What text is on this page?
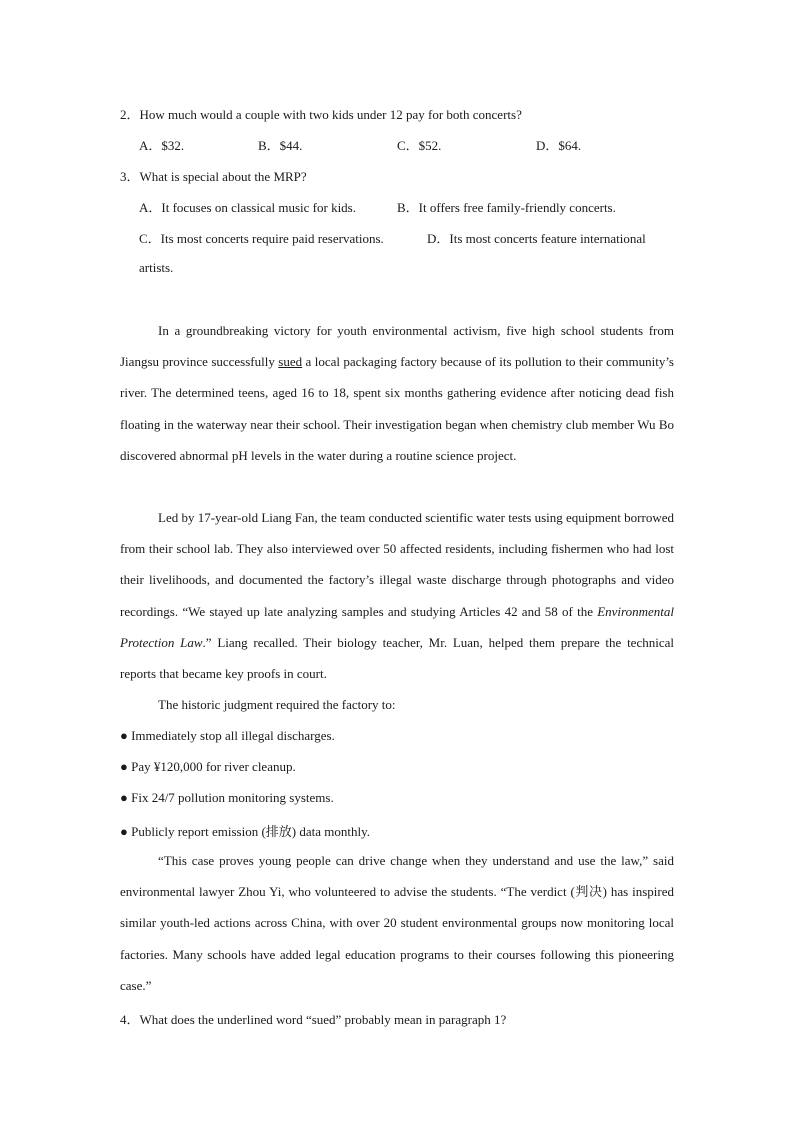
2．How much would a couple with two kids under 12 pay for both concerts?
A．$32.	B．$44.	C．$52.	D．$64.
3．What is special about the MRP?
A．It focuses on classical music for kids.	B．It offers free family-friendly concerts.
C．Its most concerts require paid reservations.	D．Its most concerts feature international
artists.

In a groundbreaking victory for youth environmental activism, five high school students from Jiangsu province successfully sued a local packaging factory because of its pollution to their community’s river. The determined teens, aged 16 to 18, spent six months gathering evidence after noticing dead fish floating in the waterway near their school. Their investigation began when chemistry club member Wu Bo discovered abnormal pH levels in the water during a routine science project.

Led by 17-year-old Liang Fan, the team conducted scientific water tests using equipment borrowed from their school lab. They also interviewed over 50 affected residents, including fishermen who had lost their livelihoods, and documented the factory’s illegal waste discharge through photographs and video recordings. “We stayed up late analyzing samples and studying Articles 42 and 58 of the Environmental Protection Law.” Liang recalled. Their biology teacher, Mr. Luan, helped them prepare the technical reports that became key proofs in court.

The historic judgment required the factory to:

● Immediately stop all illegal discharges.
● Pay ¥120,000 for river cleanup.
● Fix 24/7 pollution monitoring systems.
● Publicly report emission (排放) data monthly.

“This case proves young people can drive change when they understand and use the law,” said environmental lawyer Zhou Yi, who volunteered to advise the students. “The verdict (判决) has inspired similar youth-led actions across China, with over 20 student environmental groups now monitoring local factories. Many schools have added legal education programs to their courses following this pioneering case.”

4．What does the underlined word “sued” probably mean in paragraph 1?
